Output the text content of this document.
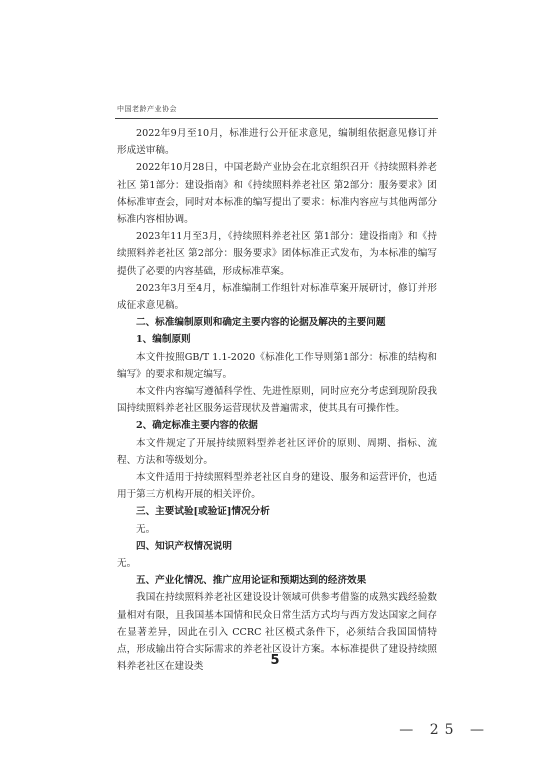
中国老龄产业协会

2022年9月至10月，标准进行公开征求意见，编制组依据意见修订并形成送审稿。

2022年10月28日，中国老龄产业协会在北京组织召开《持续照料养老社区 第1部分：建设指南》和《持续照料养老社区 第2部分：服务要求》团体标准审查会，同时对本标准的编写提出了要求：标准内容应与其他两部分标准内容相协调。

2023年11月至3月，《持续照料养老社区 第1部分：建设指南》和《持续照料养老社区 第2部分：服务要求》团体标准正式发布，为本标准的编写提供了必要的内容基础，形成标准草案。

2023年3月至4月，标准编制工作组针对标准草案开展研讨，修订并形成征求意见稿。

二、标准编制原则和确定主要内容的论据及解决的主要问题

1、编制原则

本文件按照GB/T 1.1-2020《标准化工作导则第1部分：标准的结构和编写》的要求和规定编写。

本文件内容编写遵循科学性、先进性原则，同时应充分考虑到现阶段我国持续照料养老社区服务运营现状及普遍需求，使其具有可操作性。

2、确定标准主要内容的依据

本文件规定了开展持续照料型养老社区评价的原则、周期、指标、流程、方法和等级划分。

本文件适用于持续照料型养老社区自身的建设、服务和运营评价，也适用于第三方机构开展的相关评价。

三、主要试验[或验证]情况分析

无。

四、知识产权情况说明

无。

五、产业化情况、推广应用论证和预期达到的经济效果

我国在持续照料养老社区建设设计领域可供参考借鉴的成熟实践经验数量相对有限，且我国基本国情和民众日常生活方式均与西方发达国家之间存在显著差异，因此在引入 CCRC 社区模式条件下，必须结合我国国情特点，形成输出符合实际需求的养老社区设计方案。本标准提供了建设持续照料养老社区在建设类	5
— 25 —
